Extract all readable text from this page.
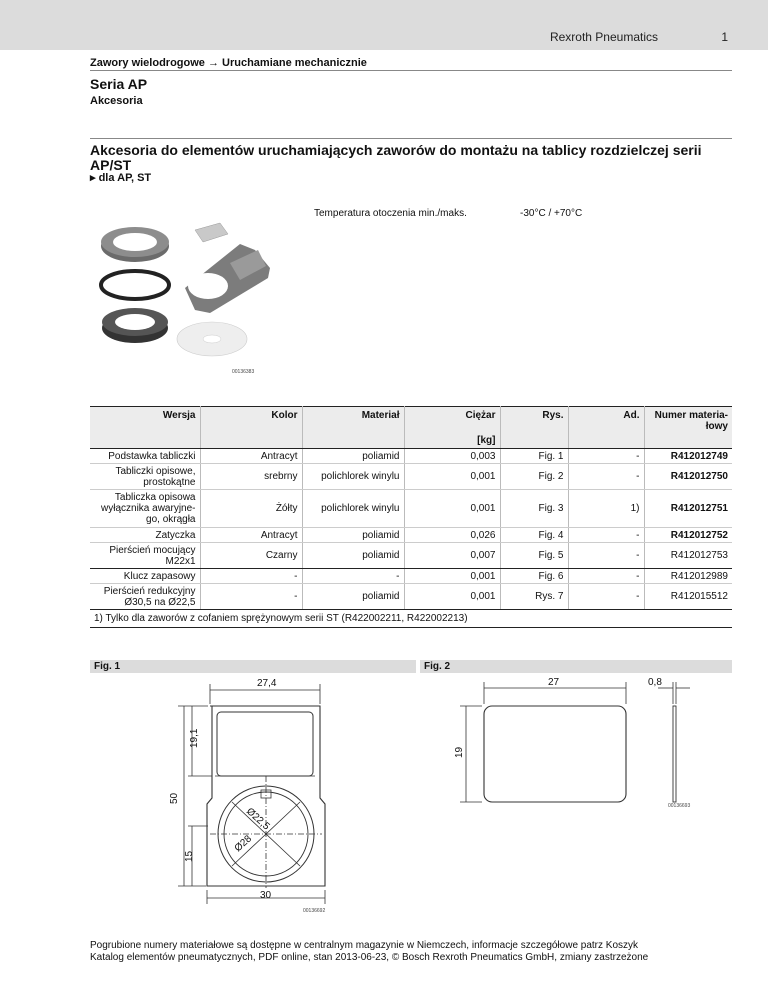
Rexroth Pneumatics	1
Zawory wielodrogowe → Uruchamiane mechanicznie
Seria AP
Akcesoria
Akcesoria do elementów uruchamiających zaworów do montażu na tablicy rozdzielczej serii AP/ST
▸ dla AP, ST
Temperatura otoczenia min./maks.	-30°C / +70°C
00136383
Wersja	Kolor	Materiał	Ciężar	Rys.	Ad.	Numer materia-łowy
			[kg]			
Podstawka tabliczki	Antracyt	poliamid	0,003	Fig. 1	-	R412012749
Tabliczki opisowe, prostokątne	srebrny	polichlorek winylu	0,001	Fig. 2	-	R412012750
Tabliczka opisowa wyłącznika awaryjne-go, okrągła	Żółty	polichlorek winylu	0,001	Fig. 3	1)	R412012751
Zatyczka	Antracyt	poliamid	0,026	Fig. 4	-	R412012752
Pierścień mocujący M22x1	Czarny	poliamid	0,007	Fig. 5	-	R412012753
Klucz zapasowy	-	-	0,001	Fig. 6	-	R412012989
Pierścień redukcyjny Ø30,5 na Ø22,5	-	poliamid	0,001	Rys. 7	-	R412015512
1) Tylko dla zaworów z cofaniem sprężynowym serii ST (R422002211, R422002213)						
Fig. 1	Fig. 2
27,4
19,1
50
15
30
Ø22,5
Ø28
00136692
27	0,8
19
00136693
Pogrubione numery materiałowe są dostępne w centralnym magazynie w Niemczech, informacje szczegółowe patrz Koszyk
Katalog elementów pneumatycznych, PDF online, stan 2013-06-23, © Bosch Rexroth Pneumatics GmbH, zmiany zastrzeżone
